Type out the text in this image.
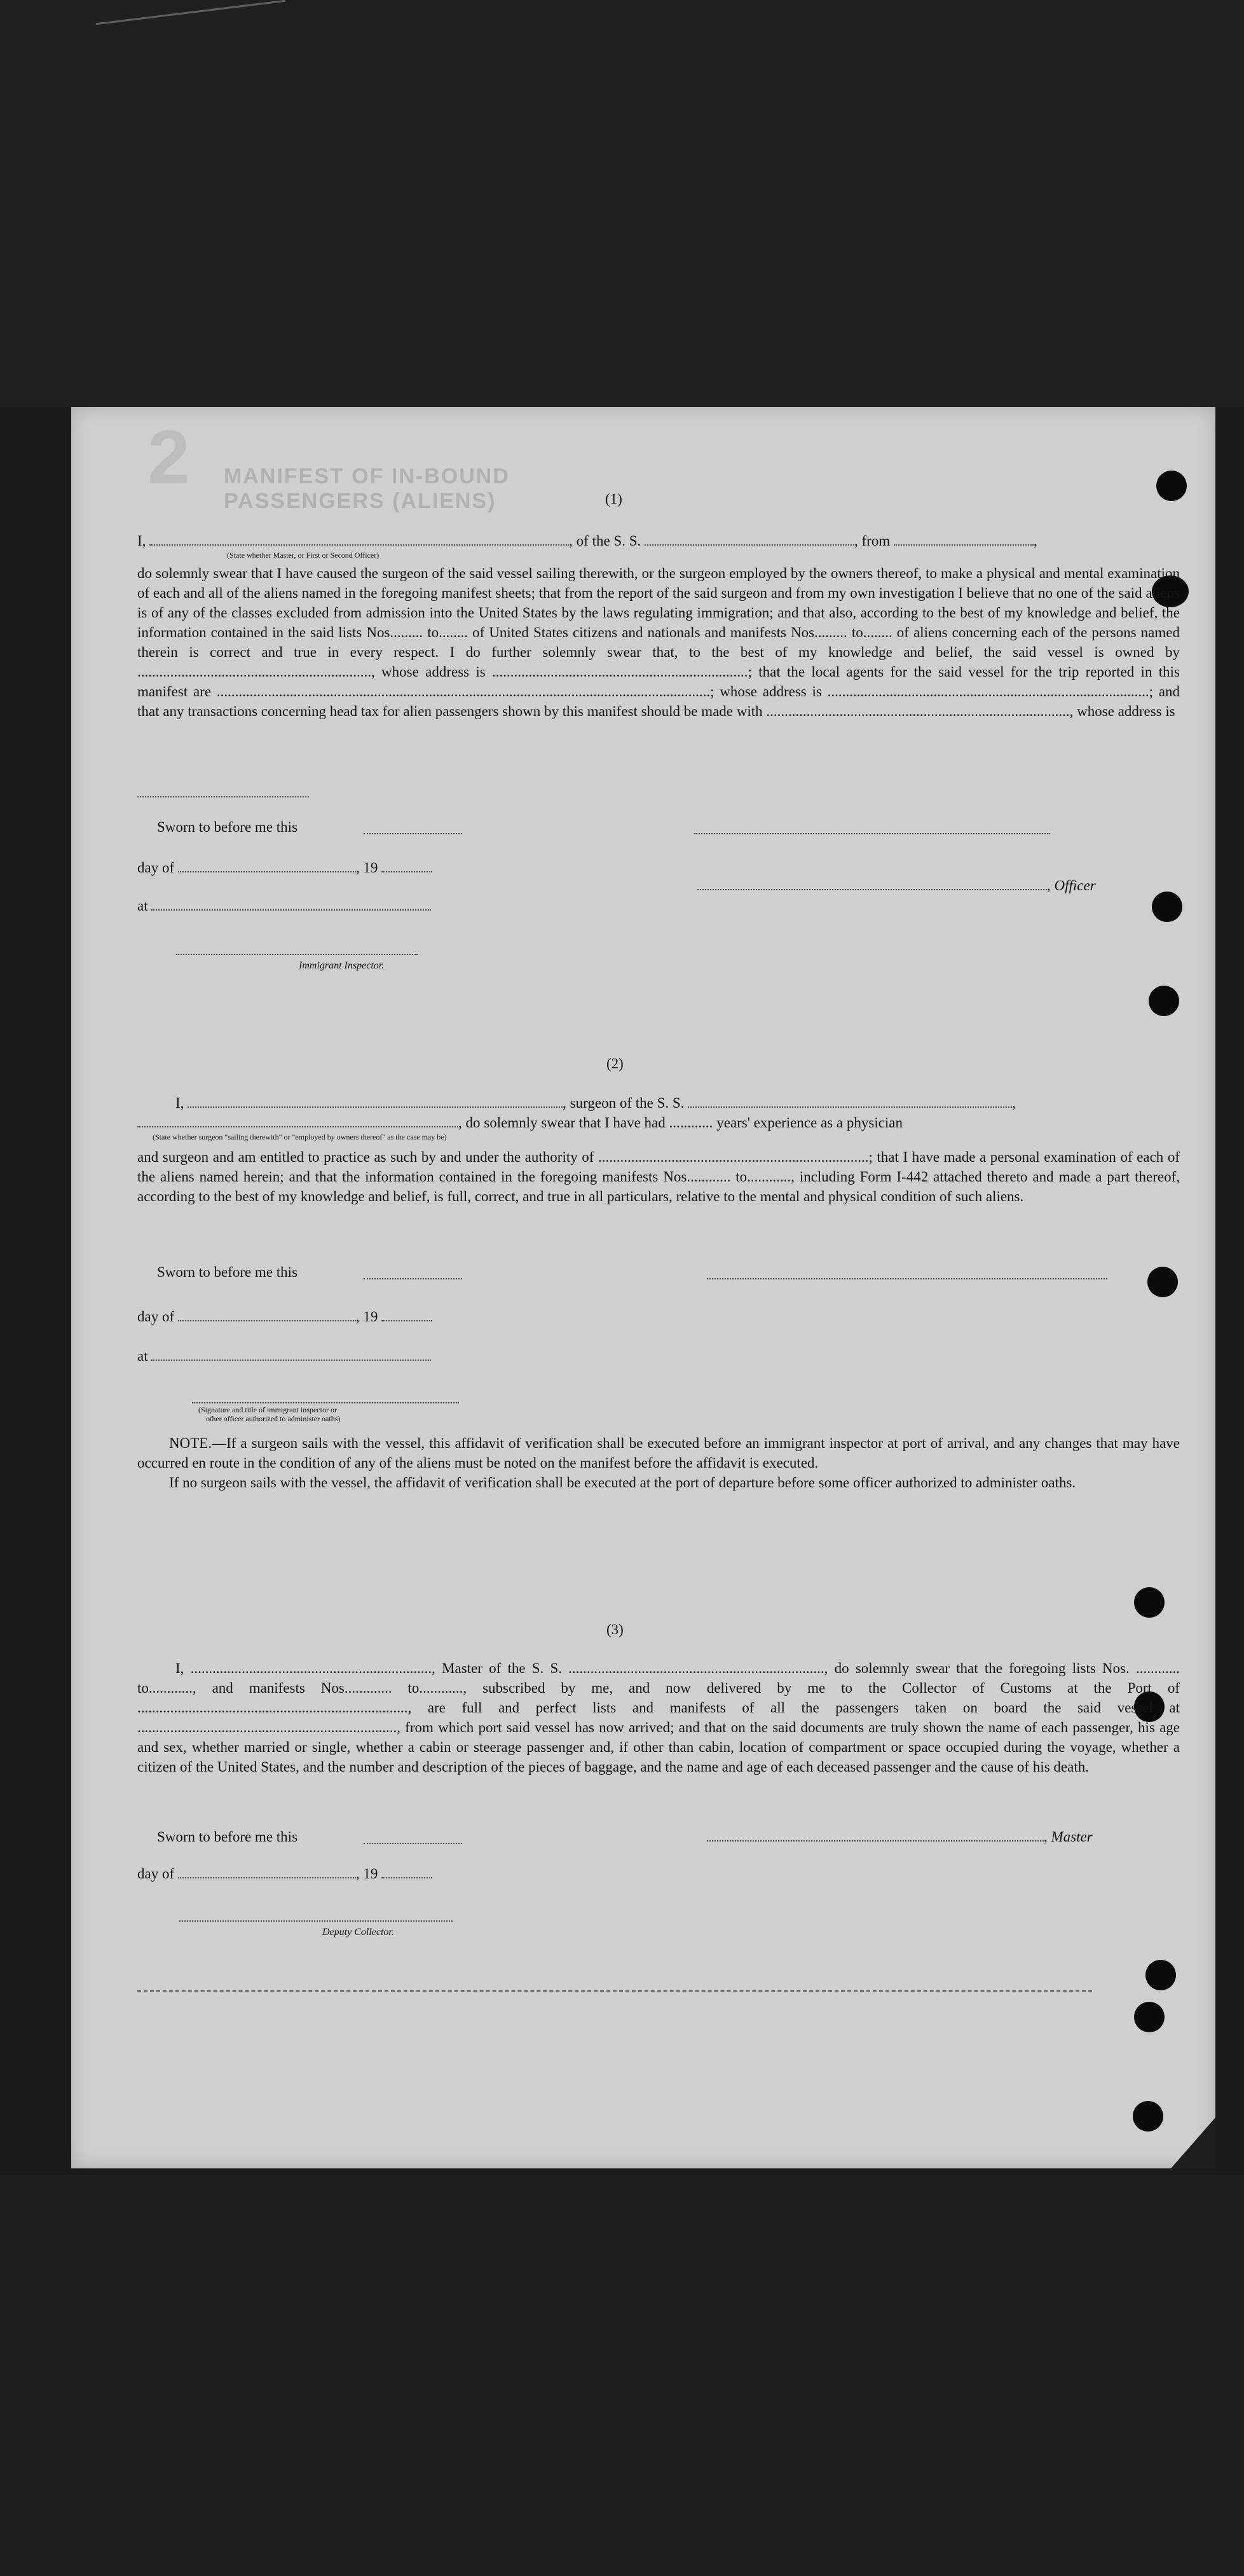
2 MANIFEST OF IN-BOUND PASSENGERS (ALIENS)	(1)
I,	, of the S. S.	, from	,
(State whether Master, or First or Second Officer)
do solemnly swear that I have caused the surgeon of the said vessel sailing therewith, or the surgeon employed by the owners thereof, to make a physical and mental examination of each and all of the aliens named in the foregoing manifest sheets; that from the report of the said surgeon and from my own investigation I believe that no one of the said aliens is of any of the classes excluded from admission into the United States by the laws regulating immigration; and that also, according to the best of my knowledge and belief, the information contained in the said lists Nos......... to........ of United States citizens and nationals and manifests Nos......... to........ of aliens concerning each of the persons named therein is correct and true in every respect. I do further solemnly swear that, to the best of my knowledge and belief, the said vessel is owned by ................................................................, whose address is ......................................................................; that the local agents for the said vessel for the trip reported in this manifest are .......................................................................................................................................; whose address is ........................................................................................; and that any transactions concerning head tax for alien passengers shown by this manifest should be made with ..................................................................................., whose address is
Sworn to before me this
day of	, 19
, Officer
at
Immigrant Inspector.
(2)
I,	, surgeon of the S. S.	,
, do solemnly swear that I have had ............ years' experience as a physician
(State whether surgeon "sailing therewith" or "employed by owners thereof" as the case may be)
and surgeon and am entitled to practice as such by and under the authority of ..........................................................................; that I have made a personal examination of each of the aliens named herein; and that the information contained in the foregoing manifests Nos............ to............, including Form I-442 attached thereto and made a part thereof, according to the best of my knowledge and belief, is full, correct, and true in all particulars, relative to the mental and physical condition of such aliens.
Sworn to before me this
day of	, 19
at
(Signature and title of immigrant inspector or
other officer authorized to administer oaths)

NOTE.—If a surgeon sails with the vessel, this affidavit of verification shall be executed before an immigrant inspector at port of arrival, and any changes that may have occurred en route in the condition of any of the aliens must be noted on the manifest before the affidavit is executed.

If no surgeon sails with the vessel, the affidavit of verification shall be executed at the port of departure before some officer authorized to administer oaths.

(3)
I, .................................................................., Master of the S. S. ......................................................................, do solemnly swear that the foregoing lists Nos. ............ to............, and manifests Nos............. to............, subscribed by me, and now delivered by me to the Collector of Customs at the Port of .........................................................................., are full and perfect lists and manifests of all the passengers taken on board the said vessel at ......................................................................., from which port said vessel has now arrived; and that on the said documents are truly shown the name of each passenger, his age and sex, whether married or single, whether a cabin or steerage passenger and, if other than cabin, location of compartment or space occupied during the voyage, whether a citizen of the United States, and the number and description of the pieces of baggage, and the name and age of each deceased passenger and the cause of his death.
Sworn to before me this	, Master
day of	, 19
Deputy Collector.
